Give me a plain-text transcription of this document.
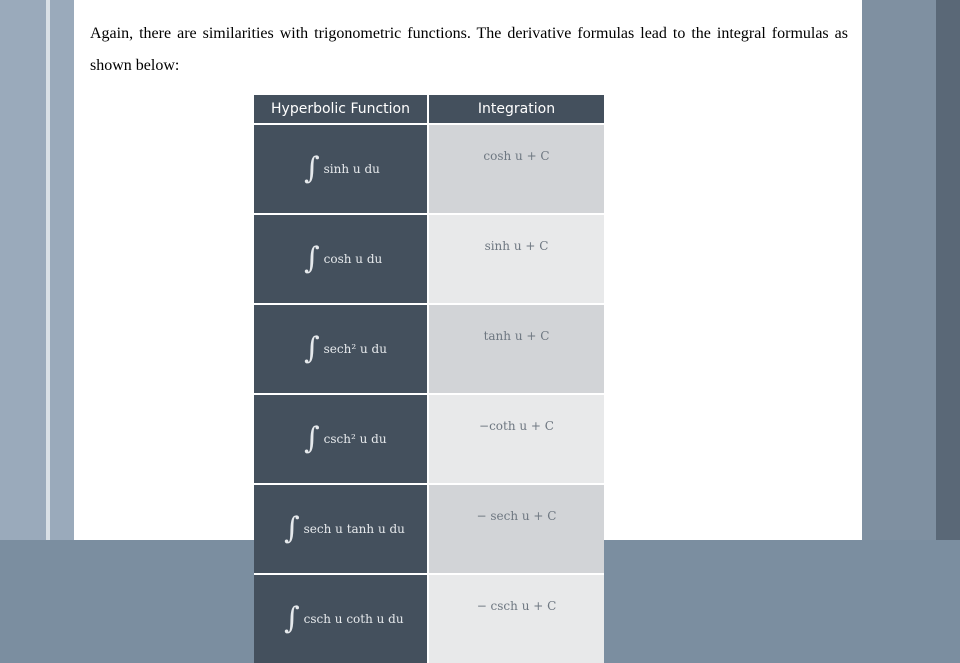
Again, there are similarities with trigonometric functions. The derivative formulas lead to the integral formulas as shown below:
Hyperbolic Function	Integration

∫ sinh u du	cosh u + C

∫ cosh u du	sinh u + C

∫ sech² u du	tanh u + C

∫ csch² u du	−coth u + C

∫ sech u tanh u du	− sech u + C

∫ csch u coth u du	− csch u + C
